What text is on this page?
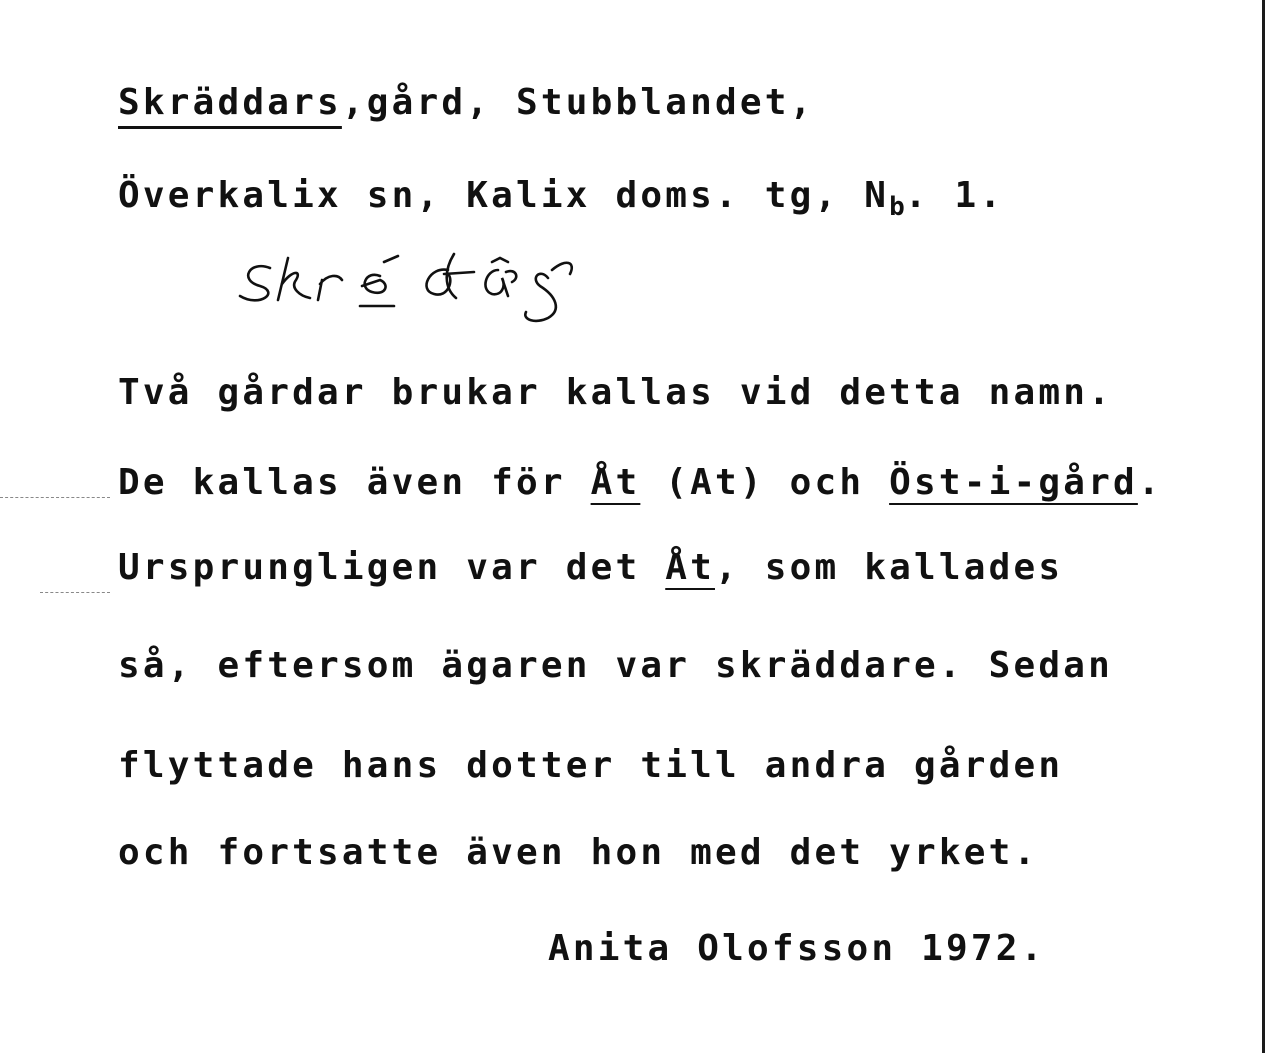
Skräddars,gård, Stubblandet,
Överkalix sn, Kalix doms. tg, $N_b$. 1.
Två gårdar brukar kallas vid detta namn.
De kallas även för Åt (At) och Öst-i-gård.
Ursprungligen var det Åt, som kallades
så, eftersom ägaren var skräddare. Sedan
flyttade hans dotter till andra gården
och fortsatte även hon med det yrket.
Anita Olofsson 1972.
